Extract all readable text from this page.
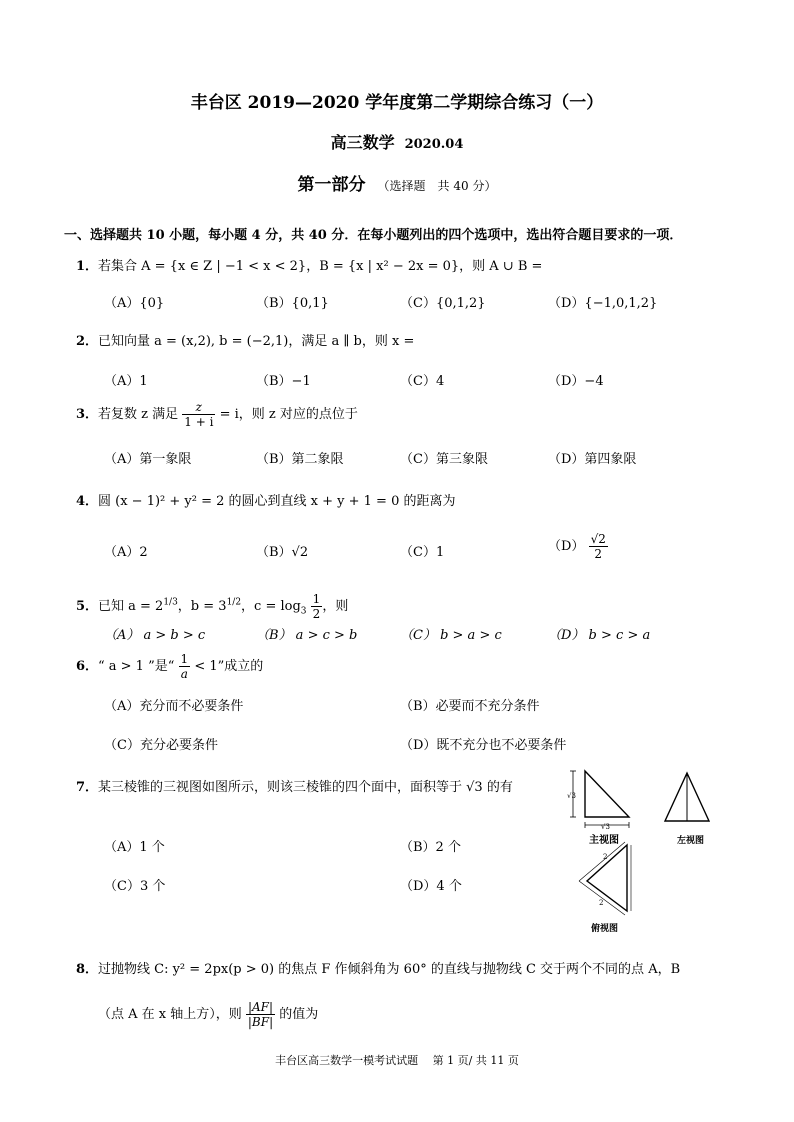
丰台区 2019—2020 学年度第二学期综合练习（一）
高三数学 2020.04
第一部分 （选择题　共 40 分）
一、选择题共 10 小题，每小题 4 分，共 40 分．在每小题列出的四个选项中，选出符合题目要求的一项．
1．若集合 A = {x ∈ Z | −1 < x < 2}，B = {x | x² − 2x = 0}，则 A ∪ B =
（A）{0}	（B）{0,1}	（C）{0,1,2}	（D）{−1,0,1,2}
2．已知向量 a = (x,2), b = (−2,1)，满足 a ∥ b，则 x =
（A）1	（B）−1	（C）4	（D）−4
3．若复数 z 满足 $\frac{z}{1 + i} = i$，则 z 对应的点位于
（A）第一象限	（B）第二象限	（C）第三象限	（D）第四象限
4．圆 (x − 1)² + y² = 2 的圆心到直线 x + y + 1 = 0 的距离为
（A）2	（B）√2	（C）1	$(D) \frac{√2}{2}$
5．已知 $a = 2^{1/3}$，$b = 3^{1/2}$，$c = \log_3 \frac{1}{2}$ ，则
（A） a > b > c	（B） a > c > b	（C） b > a > c	（D） b > c > a
6．“ a > 1 ”是“ $\frac{1}{a} < 1$”成立的
（A）充分而不必要条件	（B）必要而不充分条件
（C）充分必要条件	（D）既不充分也不必要条件
7．某三棱锥的三视图如图所示，则该三棱锥的四个面中，面积等于 √3 的有
（A）1 个	（B）2 个
（C）3 个	（D）4 个
√3
√3
主视图	左视图
2
2
俯视图
8．过抛物线 C: y² = 2px(p > 0) 的焦点 F 作倾斜角为 60° 的直线与抛物线 C 交于两个不同的点 A，B
（点 A 在 x 轴上方），则 $\frac{|AF|}{|BF|}$ 的值为
丰台区高三数学一模考试试题　 第 1 页/ 共 11 页
